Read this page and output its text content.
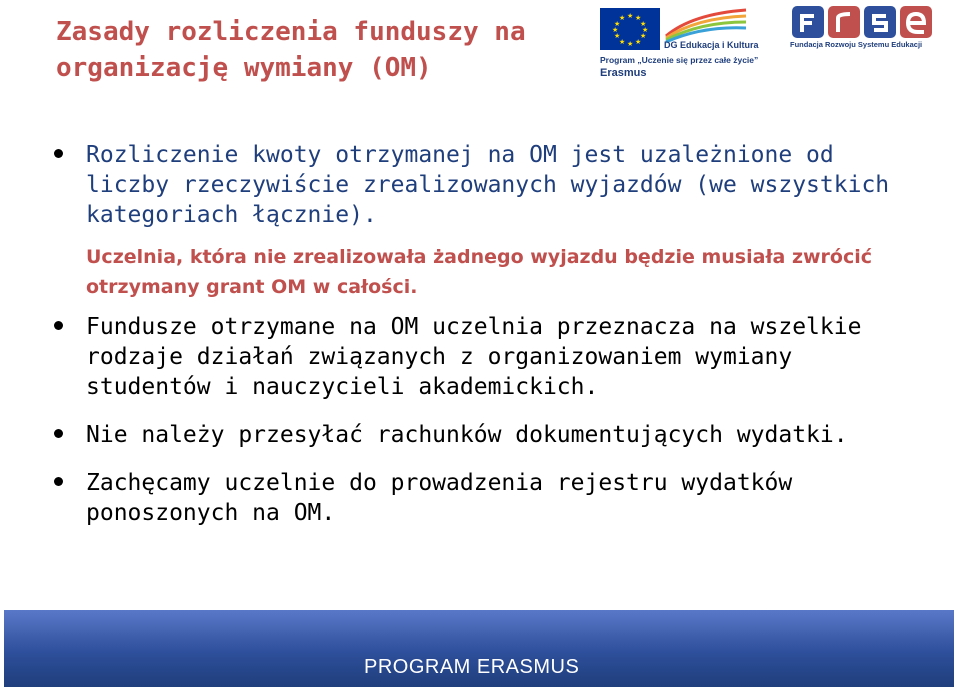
Zasady rozliczenia funduszy na organizację wymiany (OM)
★ ★
★
★
★
★
★
★
★
★
★
★
DG Edukacja i Kultura
Program „Uczenie się przez całe życie”
Erasmus
Fundacja Rozwoju Systemu Edukacji
Rozliczenie kwoty otrzymanej na OM jest uzależnione od liczby rzeczywiście zrealizowanych wyjazdów (we wszystkich kategoriach łącznie).
Uczelnia, która nie zrealizowała żadnego wyjazdu będzie musiała zwrócić otrzymany grant OM w całości.
Fundusze otrzymane na OM uczelnia przeznacza na wszelkie rodzaje działań związanych z organizowaniem wymiany studentów i nauczycieli akademickich.
Nie należy przesyłać rachunków dokumentujących wydatki.
Zachęcamy uczelnie do prowadzenia rejestru wydatków ponoszonych na OM.
PROGRAM ERASMUS
